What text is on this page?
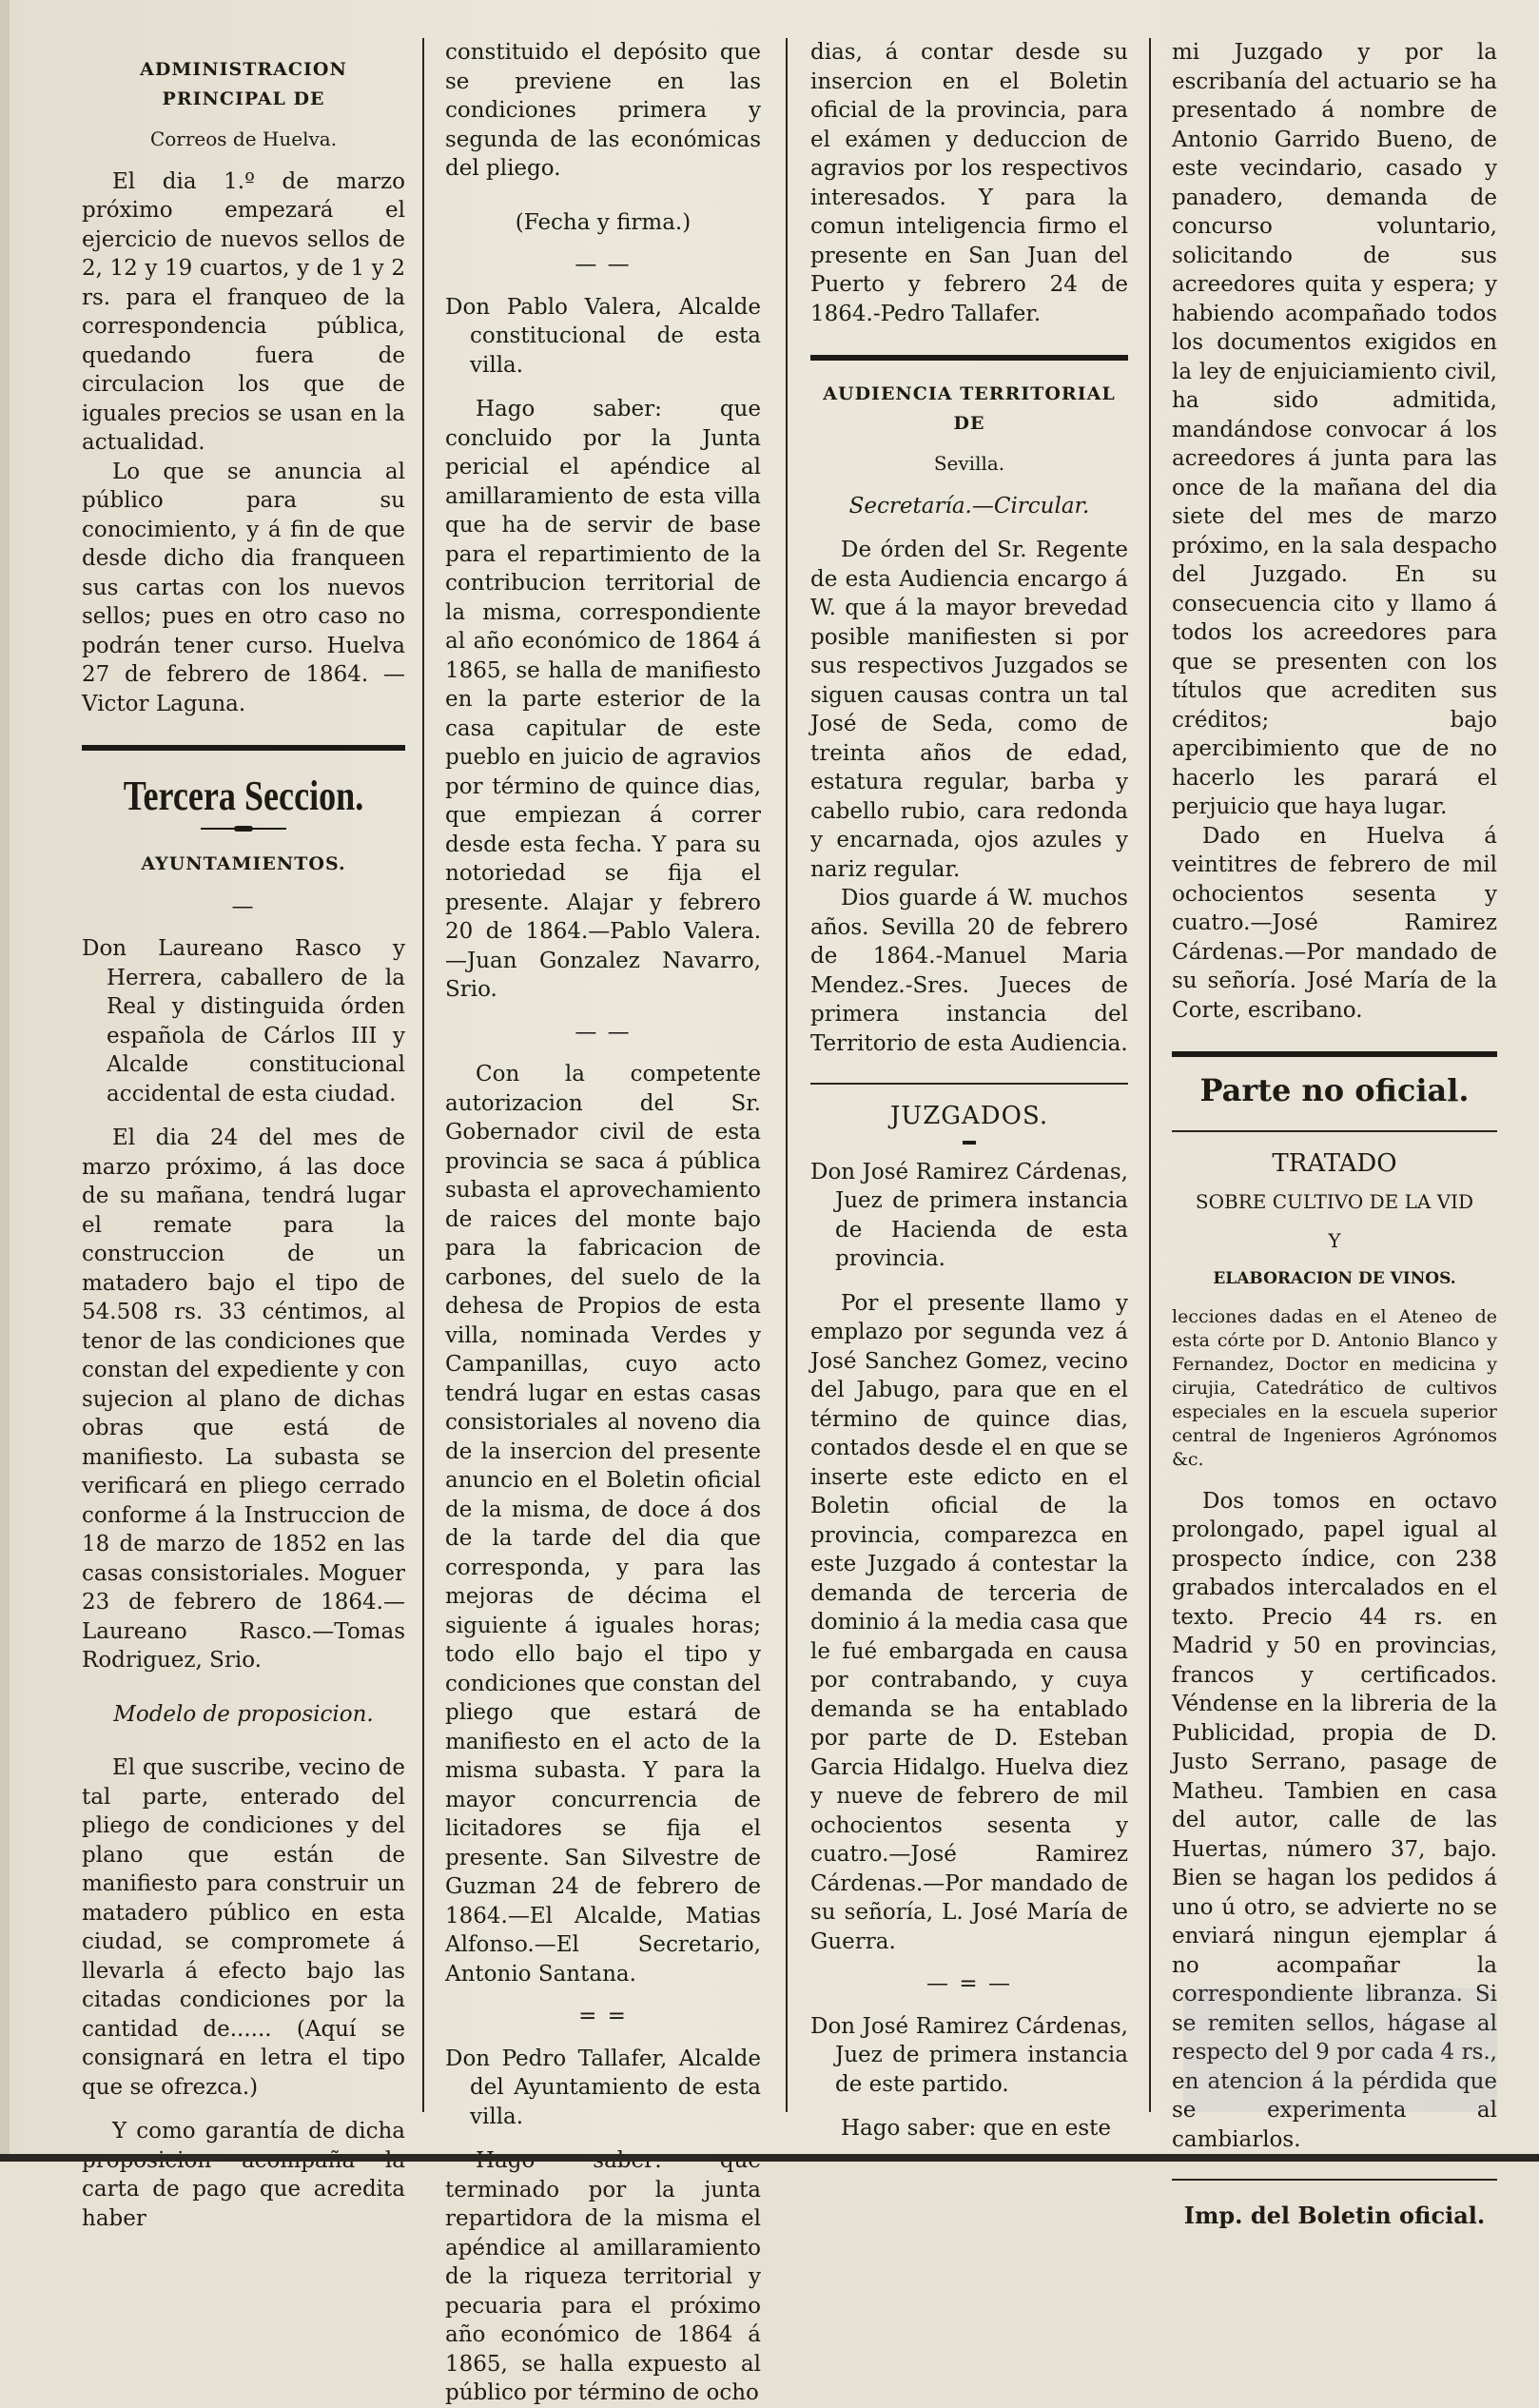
ADMINISTRACION PRINCIPAL DE
Correos de Huelva.

El dia 1.º de marzo próximo empezará el ejercicio de nuevos sellos de 2, 12 y 19 cuartos, y de 1 y 2 rs. para el franqueo de la correspondencia pública, quedando fuera de circulacion los que de iguales precios se usan en la actualidad.

Lo que se anuncia al público para su conocimiento, y á fin de que desde dicho dia franqueen sus cartas con los nuevos sellos; pues en otro caso no podrán tener curso. Huelva 27 de febrero de 1864. —Victor Laguna.

Tercera Seccion.
AYUNTAMIENTOS.
—

Don Laureano Rasco y Herrera, caballero de la Real y distinguida órden española de Cárlos III y Alcalde constitucional accidental de esta ciudad.

El dia 24 del mes de marzo próximo, á las doce de su mañana, tendrá lugar el remate para la construccion de un matadero bajo el tipo de 54.508 rs. 33 céntimos, al tenor de las condiciones que constan del expediente y con sujecion al plano de dichas obras que está de manifiesto. La subasta se verificará en pliego cerrado conforme á la Instruccion de 18 de marzo de 1852 en las casas consistoriales. Moguer 23 de febrero de 1864.—Laureano Rasco.—Tomas Rodriguez, Srio.

Modelo de proposicion.

El que suscribe, vecino de tal parte, enterado del pliego de condiciones y del plano que están de manifiesto para construir un matadero público en esta ciudad, se compromete á llevarla á efecto bajo las citadas condiciones por la cantidad de...... (Aquí se consignará en letra el tipo que se ofrezca.)

Y como garantía de dicha carta de pago que acredita haber

constituido el depósito que se previene en las condiciones primera y segunda de las económicas del pliego.

(Fecha y firma.)

— —

Don Pablo Valera, Alcalde constitucional de esta villa.

Hago saber: que concluido por la Junta pericial el apéndice al amillaramiento de esta villa que ha de servir de base para el repartimiento de la contribucion territorial de la misma, correspondiente al año económico de 1864 á 1865, se halla de manifiesto en la parte esterior de la casa capitular de este pueblo en juicio de agravios por término de quince dias, que empiezan á correr desde esta fecha. Y para su notoriedad se fija el presente. Alajar y febrero 20 de 1864.—Pablo Valera.—Juan Gonzalez Navarro, Srio.

— —

Con la competente autorizacion del Sr. Gobernador civil de esta provincia se saca á pública subasta el aprovechamiento de raices del monte bajo para la fabricacion de carbones, del suelo de la dehesa de Propios de esta villa, nominada Verdes y Campanillas, cuyo acto tendrá lugar en estas casas consistoriales al noveno dia de la insercion del presente anuncio en el Boletin oficial de la misma, de doce á dos de la tarde del dia que corresponda, y para las mejoras de décima el siguiente á iguales horas; todo ello bajo el tipo y condiciones que constan del pliego que estará de manifiesto en el acto de la misma subasta. Y para la mayor concurrencia de licitadores se fija el presente. San Silvestre de Guzman 24 de febrero de 1864.—El Alcalde, Matias Alfonso.—El Secretario, Antonio Santana.

= =

Don Pedro Tallafer, Alcalde del Ayuntamiento de esta villa.

terminado por la junta repartidora de la misma el apéndice al amillaramiento de la riqueza territorial y pecuaria para el próximo año económico de 1864 á 1865, se halla expuesto al público por término de ocho

dias, á contar desde su insercion en el Boletin oficial de la provincia, para el exámen y deduccion de agravios por los respectivos interesados. Y para la comun inteligencia firmo el presente en San Juan del Puerto y febrero 24 de 1864.-Pedro Tallafer.

AUDIENCIA TERRITORIAL DE
Sevilla.

Secretaría.—Circular.

De órden del Sr. Regente de esta Audiencia encargo á W. que á la mayor brevedad posible manifiesten si por sus respectivos Juzgados se siguen causas contra un tal José de Seda, como de treinta años de edad, estatura regular, barba y cabello rubio, cara redonda y encarnada, ojos azules y nariz regular.

Dios guarde á W. muchos años. Sevilla 20 de febrero de 1864.-Manuel Maria Mendez.-Sres. Jueces de primera instancia del Territorio de esta Audiencia.

JUZGADOS.

Don José Ramirez Cárdenas, Juez de primera instancia de Hacienda de esta provincia.

Por el presente llamo y emplazo por segunda vez á José Sanchez Gomez, vecino del Jabugo, para que en el término de quince dias, contados desde el en que se inserte este edicto en el Boletin oficial de la provincia, comparezca en este Juzgado á contestar la demanda de terceria de dominio á la media casa que le fué embargada en causa por contrabando, y cuya demanda se ha entablado por parte de D. Esteban Garcia Hidalgo. Huelva diez y nueve de febrero de mil ochocientos sesenta y cuatro.—José Ramirez Cárdenas.—Por mandado de su señoría, L. José María de Guerra.

— = —

Don José Ramirez Cárdenas, Juez de primera instancia de este partido.

Hago saber: que en este

mi Juzgado y por la escribanía del actuario se ha presentado á nombre de Antonio Garrido Bueno, de este vecindario, casado y panadero, demanda de concurso voluntario, solicitando de sus acreedores quita y espera; y habiendo acompañado todos los documentos exigidos en la ley de enjuiciamiento civil, ha sido admitida, mandándose convocar á los acreedores á junta para las once de la mañana del dia siete del mes de marzo próximo, en la sala despacho del Juzgado. En su consecuencia cito y llamo á todos los acreedores para que se presenten con los títulos que acrediten sus créditos; bajo apercibimiento que de no hacerlo les parará el perjuicio que haya lugar.

Dado en Huelva á veintitres de febrero de mil ochocientos sesenta y cuatro.—José Ramirez Cárdenas.—Por mandado de su señoría. José María de la Corte, escribano.

Parte no oficial.
TRATADO
SOBRE CULTIVO DE LA VID
Y
ELABORACION DE VINOS.

lecciones dadas en el Ateneo de esta córte por D. Antonio Blanco y Fernandez, Doctor en medicina y cirujia, Catedrático de cultivos especiales en la escuela superior central de Ingenieros Agrónomos &c.

Dos tomos en octavo prolongado, papel igual al prospecto índice, con 238 grabados intercalados en el texto. Precio 44 rs. en Madrid y 50 en provincias, francos y certificados. Véndense en la libreria de la Publicidad, propia de D. Justo Serrano, pasage de Matheu. Tambien en casa del autor, calle de las Huertas, número 37, bajo. Bien se hagan los pedidos á uno ú otro, se advierte no se enviará ningun ejemplar á no acompañar la correspondiente libranza. Si se remiten sellos, hágase al respecto del 9 por cada 4 rs., en atencion á la pérdida que se experimenta al cambiarlos.

Imp. del Boletin oficial.
